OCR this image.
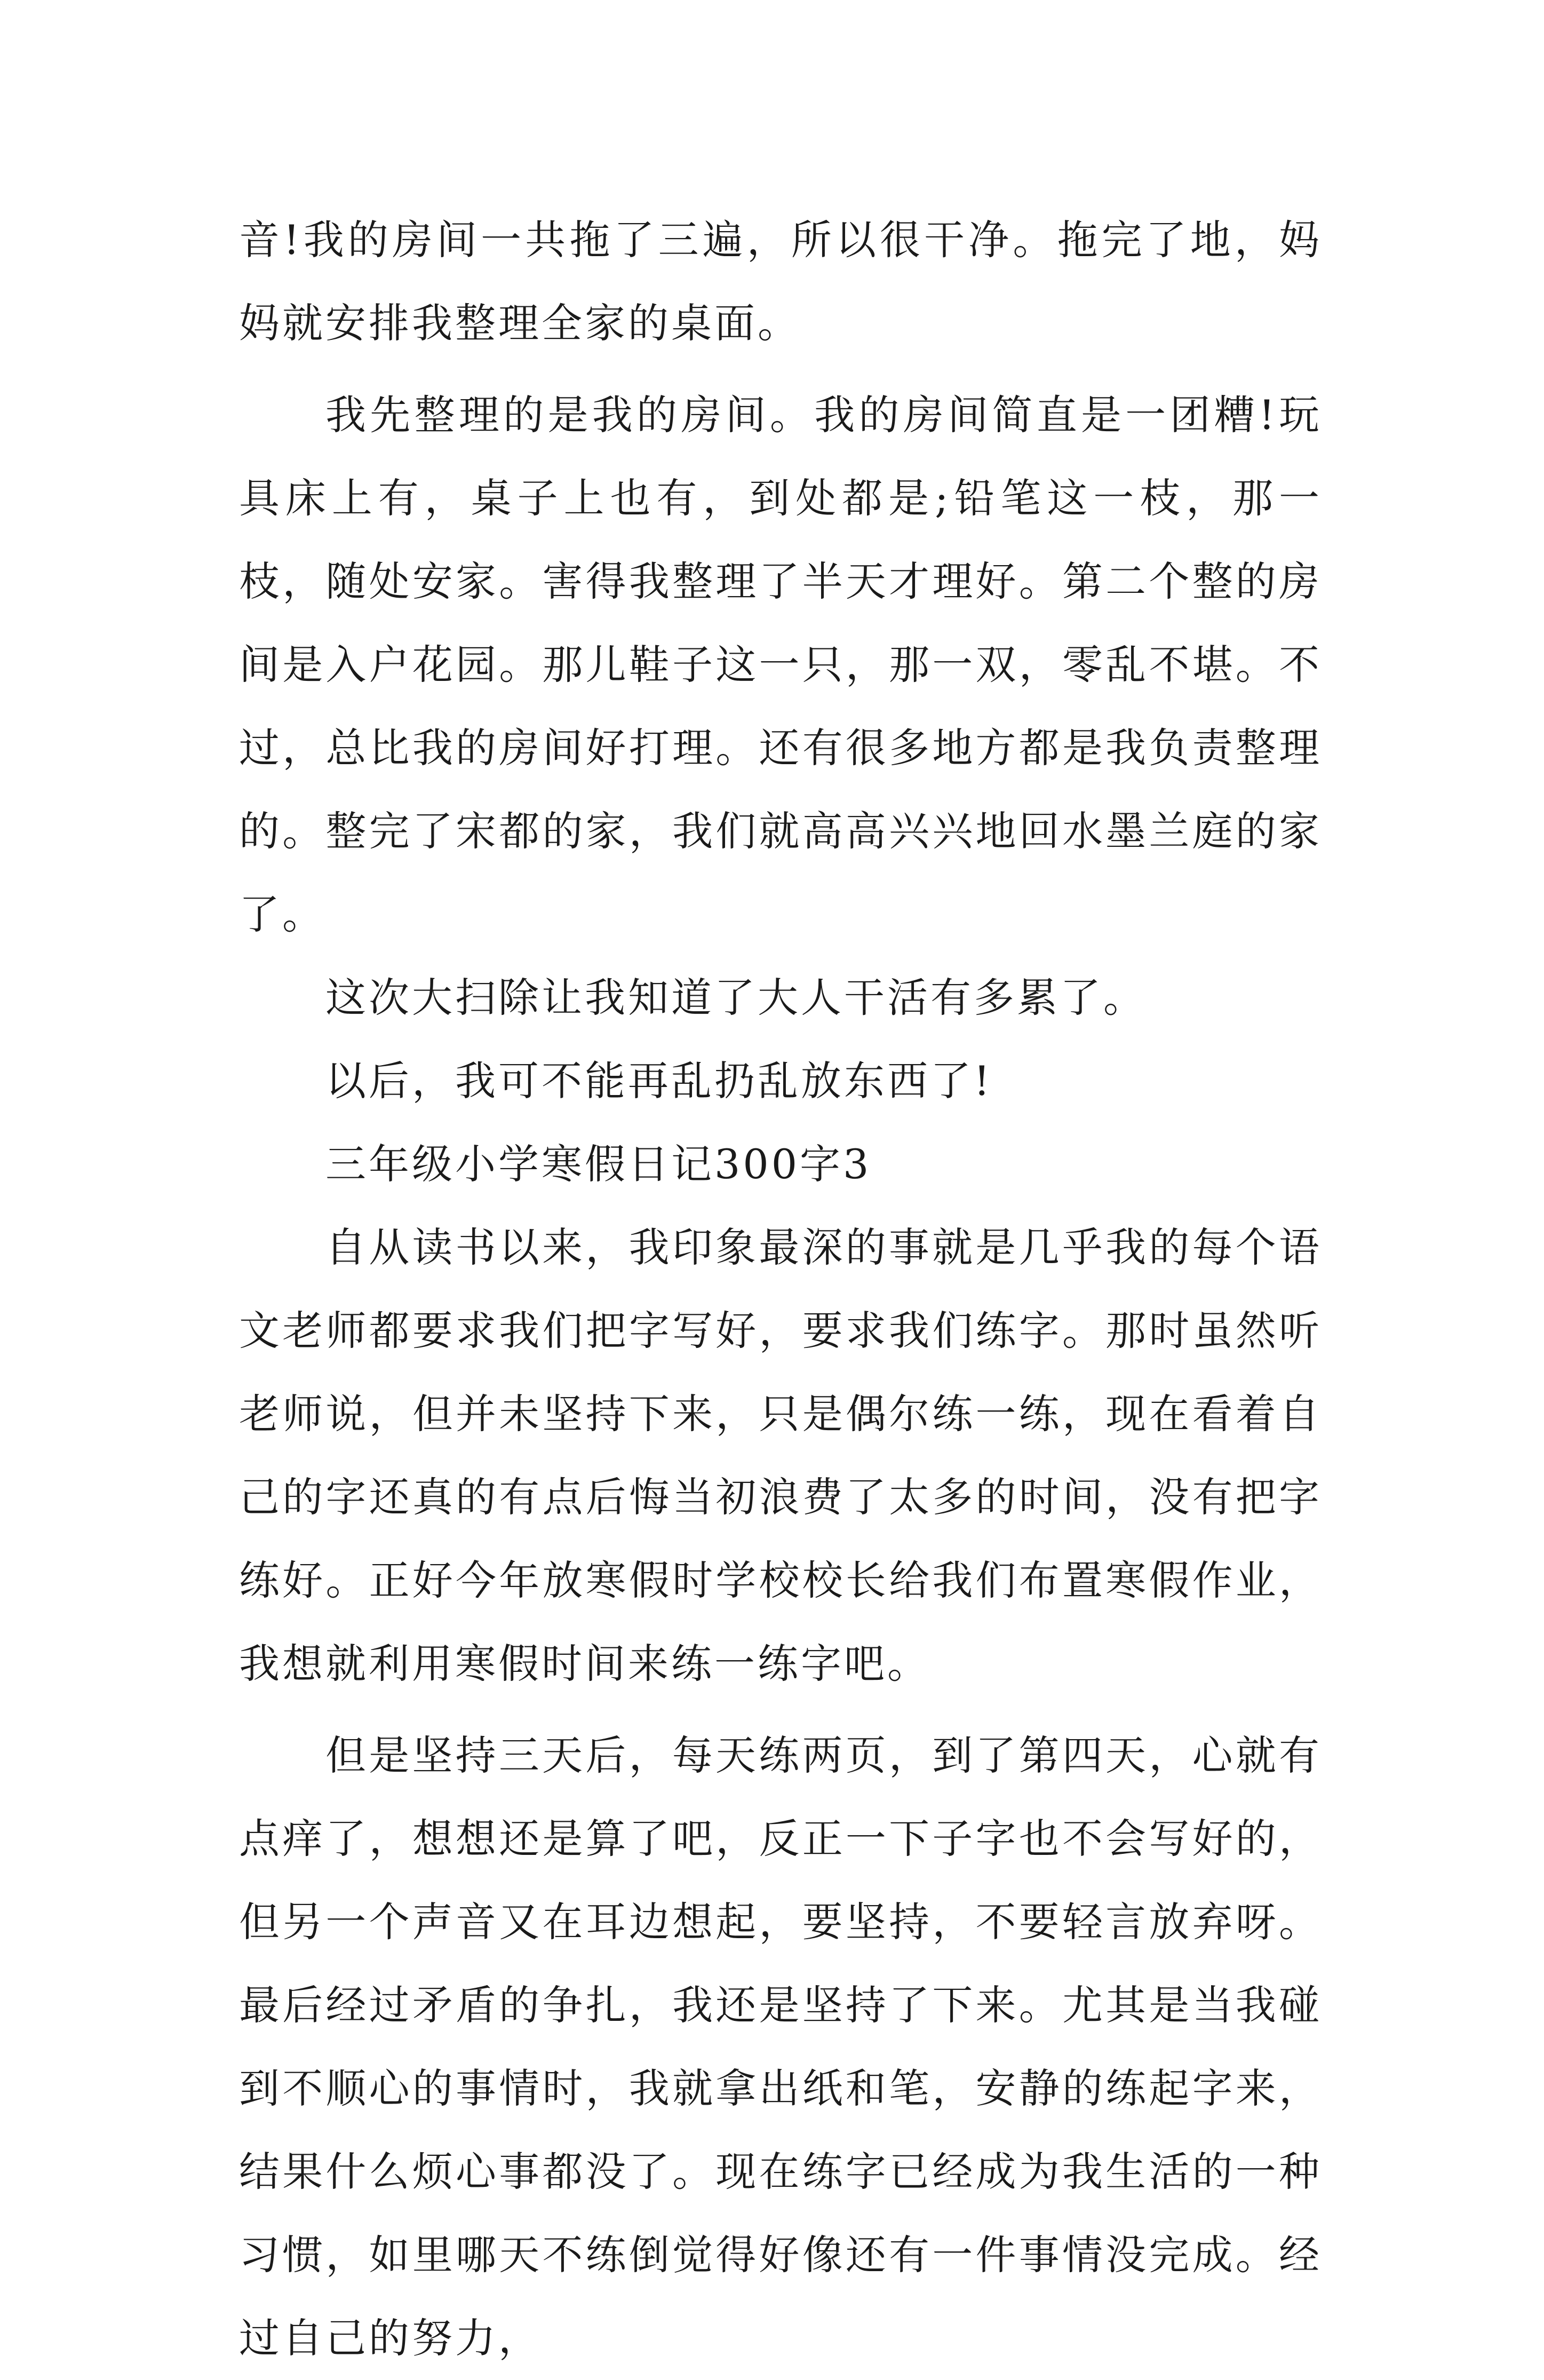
音!我的房间一共拖了三遍，所以很干净。拖完了地，妈妈就安排我整理全家的桌面。

我先整理的是我的房间。我的房间简直是一团糟!玩具床上有，桌子上也有，到处都是;铅笔这一枝，那一枝，随处安家。害得我整理了半天才理好。第二个整的房间是入户花园。那儿鞋子这一只，那一双，零乱不堪。不过，总比我的房间好打理。还有很多地方都是我负责整理的。整完了宋都的家，我们就高高兴兴地回水墨兰庭的家了。

这次大扫除让我知道了大人干活有多累了。

以后，我可不能再乱扔乱放东西了!

三年级小学寒假日记300字3

自从读书以来，我印象最深的事就是几乎我的每个语文老师都要求我们把字写好，要求我们练字。那时虽然听老师说，但并未坚持下来，只是偶尔练一练，现在看着自己的字还真的有点后悔当初浪费了太多的时间，没有把字练好。正好今年放寒假时学校校长给我们布置寒假作业，我想就利用寒假时间来练一练字吧。

但是坚持三天后，每天练两页，到了第四天，心就有点痒了，想想还是算了吧，反正一下子字也不会写好的，但另一个声音又在耳边想起，要坚持，不要轻言放弃呀。最后经过矛盾的争扎，我还是坚持了下来。尤其是当我碰到不顺心的事情时，我就拿出纸和笔，安静的练起字来，结果什么烦心事都没了。现在练字已经成为我生活的一种习惯，如里哪天不练倒觉得好像还有一件事情没完成。经过自己的努力，
